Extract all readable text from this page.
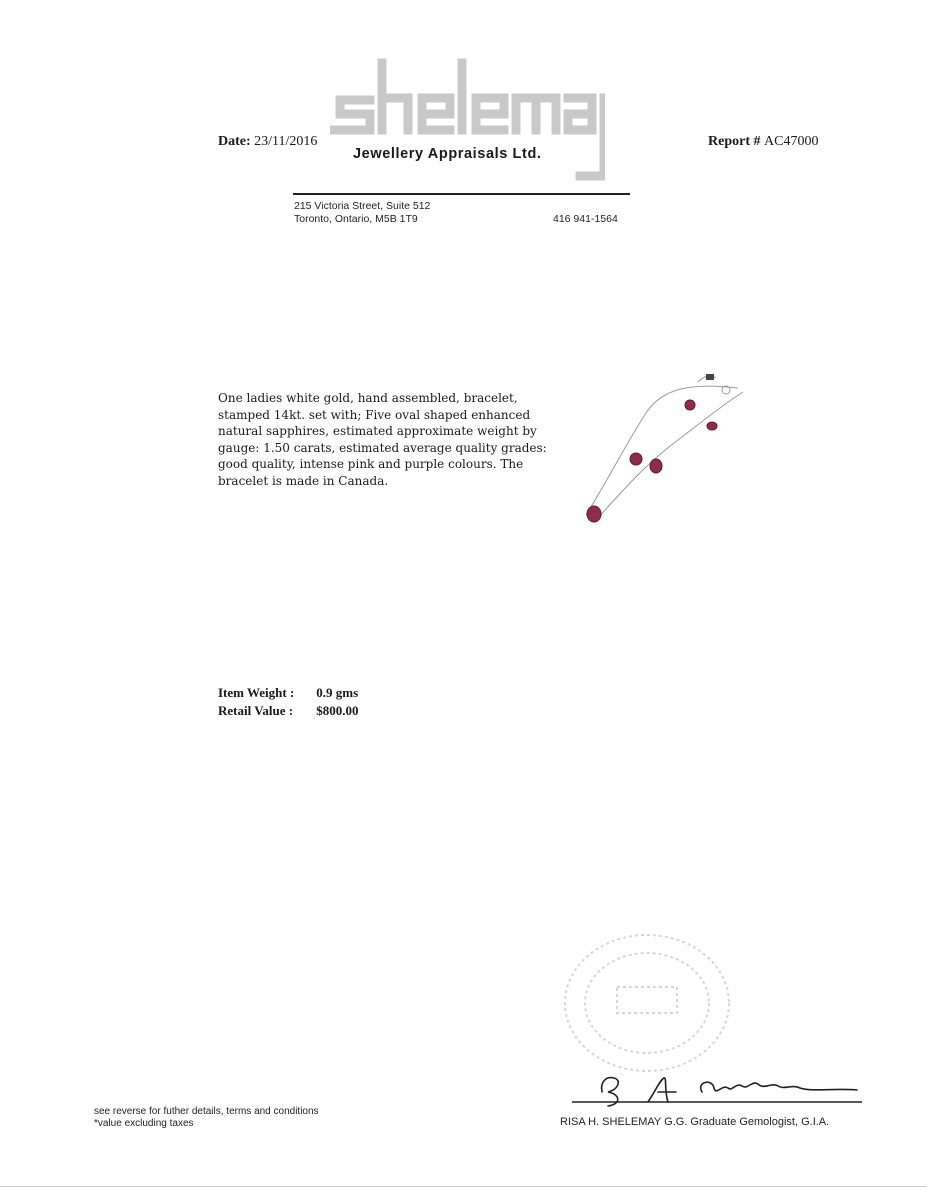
Date: 23/11/2016
Jewellery Appraisals Ltd.
Report # AC47000
215 Victoria Street, Suite 512
Toronto, Ontario, M5B 1T9	416 941-1564
One ladies white gold, hand assembled, bracelet, stamped 14kt. set with; Five oval shaped enhanced natural sapphires, estimated approximate weight by gauge: 1.50 carats, estimated average quality grades: good quality, intense pink and purple colours. The bracelet is made in Canada.
Item Weight : 0.9 gms
Retail Value : $800.00
RISA H. SHELEMAY G.G. Graduate Gemologist, G.I.A.
see reverse for futher details, terms and conditions
*value excluding taxes
